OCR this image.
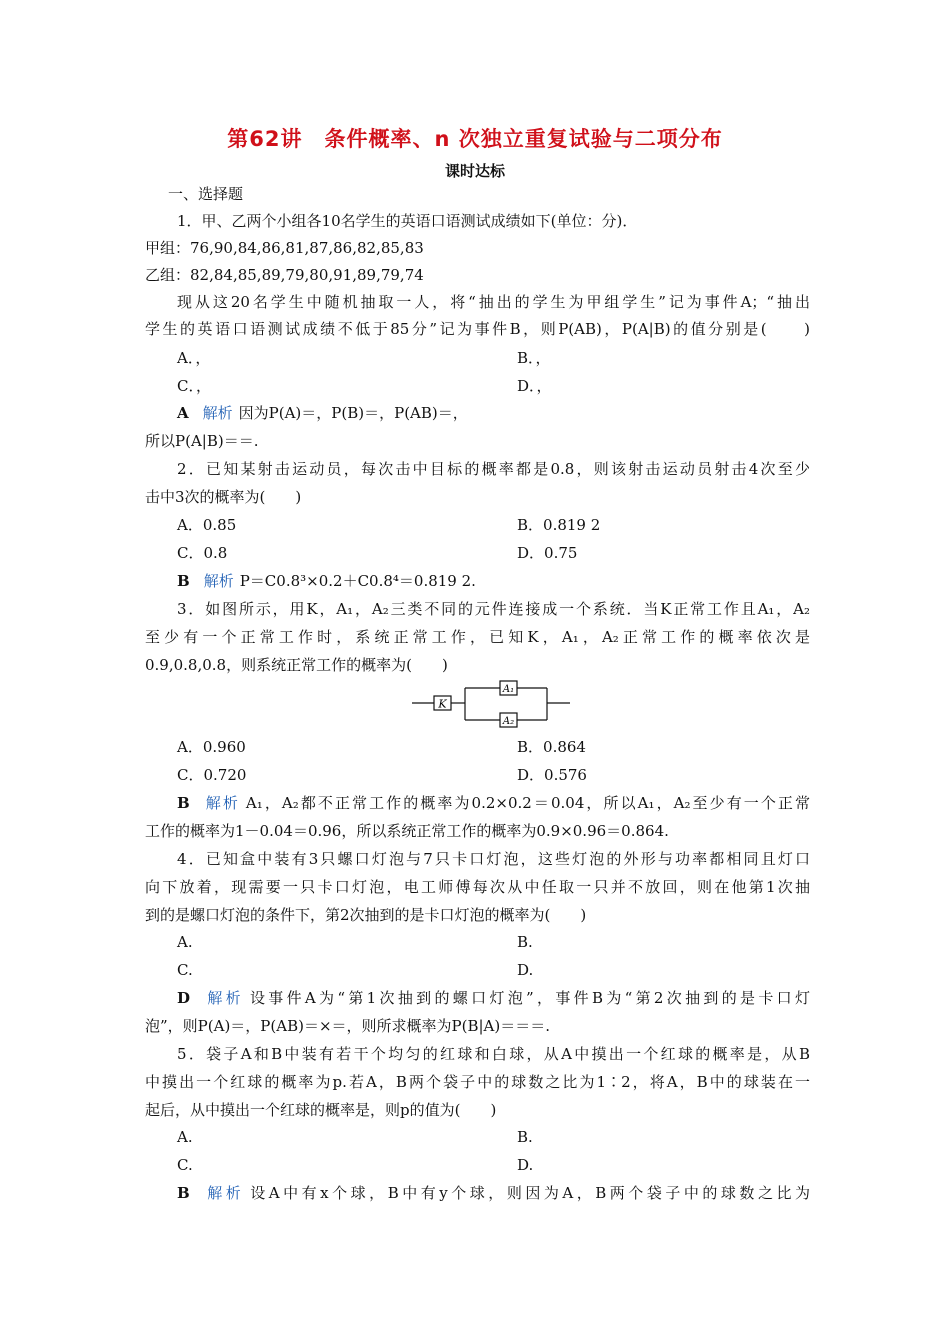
第62讲　条件概率、n 次独立重复试验与二项分布
课时达标
一、选择题
1．甲、乙两个小组各10名学生的英语口语测试成绩如下(单位：分)．
甲组：76,90,84,86,81,87,86,82,85,83
乙组：82,84,85,89,79,80,91,89,79,74
现从这20名学生中随机抽取一人，将“抽出的学生为甲组学生”记为事件A；“抽出
学生的英语口语测试成绩不低于85分”记为事件B，则P(AB)，P(A|B)的值分别是(　　)
A．，	B．，
C．，	D．，
A 解析 因为P(A)＝，P(B)＝，P(AB)＝，
所以P(A|B)＝＝.
2．已知某射击运动员，每次击中目标的概率都是0.8，则该射击运动员射击4次至少
击中3次的概率为(　　)
A．0.85	B．0.819 2
C．0.8	D．0.75
B 解析 P＝C0.8³×0.2＋C0.8⁴＝0.819 2.
3．如图所示，用K，A₁，A₂三类不同的元件连接成一个系统．当K正常工作且A₁，A₂
至少有一个正常工作时，系统正常工作，已知K，A₁，A₂正常工作的概率依次是
0.9,0.8,0.8，则系统正常工作的概率为(　　)
K
A₁
A₂
A．0.960	B．0.864
C．0.720	D．0.576
B 解析 A₁，A₂都不正常工作的概率为0.2×0.2＝0.04，所以A₁，A₂至少有一个正常
工作的概率为1－0.04＝0.96，所以系统正常工作的概率为0.9×0.96＝0.864.
4．已知盒中装有3只螺口灯泡与7只卡口灯泡，这些灯泡的外形与功率都相同且灯口
向下放着，现需要一只卡口灯泡，电工师傅每次从中任取一只并不放回，则在他第1次抽
到的是螺口灯泡的条件下，第2次抽到的是卡口灯泡的概率为(　　)
A.	B.
C.	D.
D 解析 设事件A为“第1次抽到的螺口灯泡”，事件B为“第2次抽到的是卡口灯
泡”，则P(A)＝，P(AB)＝×＝，则所求概率为P(B|A)＝＝＝.
5．袋子A和B中装有若干个均匀的红球和白球，从A中摸出一个红球的概率是，从B
中摸出一个红球的概率为p.若A，B两个袋子中的球数之比为1∶2，将A，B中的球装在一
起后，从中摸出一个红球的概率是，则p的值为(　　)
A.	B.
C.	D.
B 解析 设A中有x个球，B中有y个球，则因为A，B两个袋子中的球数之比为
